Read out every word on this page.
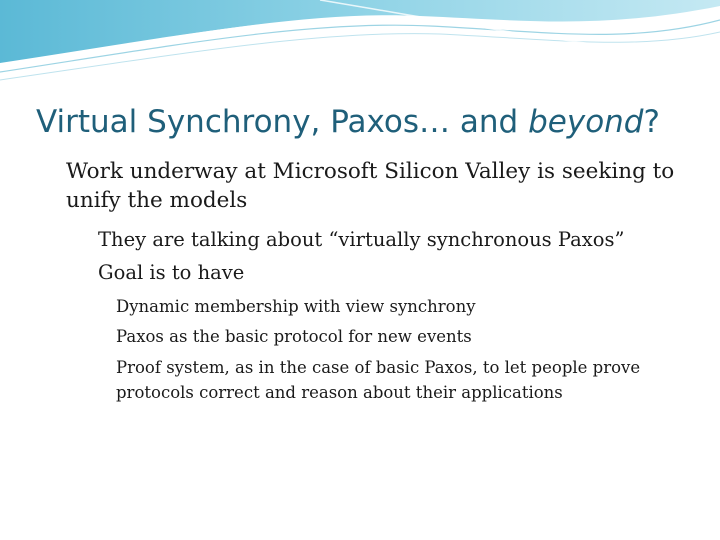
Virtual Synchrony, Paxos… and beyond?
Work underway at Microsoft Silicon Valley is seeking to unify the models
They are talking about “virtually synchronous Paxos”
Goal is to have
Dynamic membership with view synchrony
Paxos as the basic protocol for new events
Proof system, as in the case of basic Paxos, to let people prove protocols correct and reason about their applications
